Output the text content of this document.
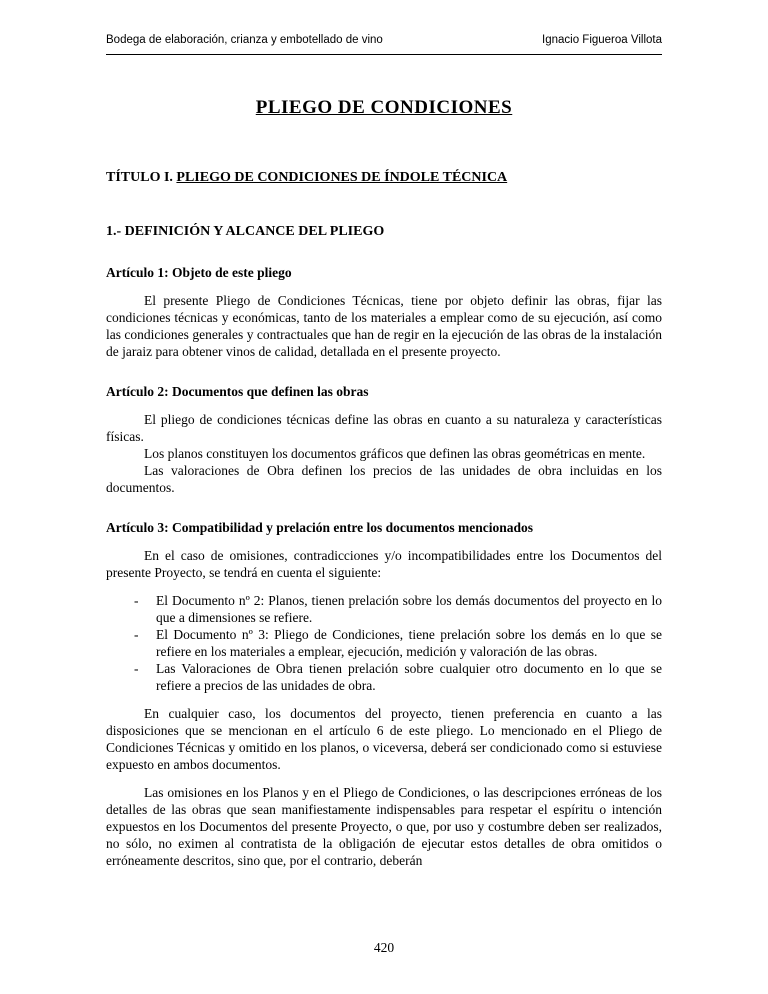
Bodega de elaboración, crianza y embotellado de vino	Ignacio Figueroa Villota
PLIEGO DE CONDICIONES
TÍTULO I. PLIEGO DE CONDICIONES DE ÍNDOLE TÉCNICA
1.- DEFINICIÓN Y ALCANCE DEL PLIEGO
Artículo 1: Objeto de este pliego

El presente Pliego de Condiciones Técnicas, tiene por objeto definir las obras, fijar las condiciones técnicas y económicas, tanto de los materiales a emplear como de su ejecución, así como las condiciones generales y contractuales que han de regir en la ejecución de las obras de la instalación de jaraiz para obtener vinos de calidad, detallada en el presente proyecto.

Artículo 2: Documentos que definen las obras

El pliego de condiciones técnicas define las obras en cuanto a su naturaleza y características físicas.

Los planos constituyen los documentos gráficos que definen las obras geométricas en mente.

Las valoraciones de Obra definen los precios de las unidades de obra incluidas en los documentos.

Artículo 3: Compatibilidad y prelación entre los documentos mencionados

En el caso de omisiones, contradicciones y/o incompatibilidades entre los Documentos del presente Proyecto, se tendrá en cuenta el siguiente:

-	El Documento nº 2: Planos, tienen prelación sobre los demás documentos del proyecto en lo que a dimensiones se refiere.
-	El Documento nº 3: Pliego de Condiciones, tiene prelación sobre los demás en lo que se refiere en los materiales a emplear, ejecución, medición y valoración de las obras.
-	Las Valoraciones de Obra tienen prelación sobre cualquier otro documento en lo que se refiere a precios de las unidades de obra.

En cualquier caso, los documentos del proyecto, tienen preferencia en cuanto a las disposiciones que se mencionan en el artículo 6 de este pliego. Lo mencionado en el Pliego de Condiciones Técnicas y omitido en los planos, o viceversa, deberá ser condicionado como si estuviese expuesto en ambos documentos.

Las omisiones en los Planos y en el Pliego de Condiciones, o las descripciones erróneas de los detalles de las obras que sean manifiestamente indispensables para respetar el espíritu o intención expuestos en los Documentos del presente Proyecto, o que, por uso y costumbre deben ser realizados, no sólo, no eximen al contratista de la obligación de ejecutar estos detalles de obra omitidos o erróneamente descritos, sino que, por el contrario, deberán

420
